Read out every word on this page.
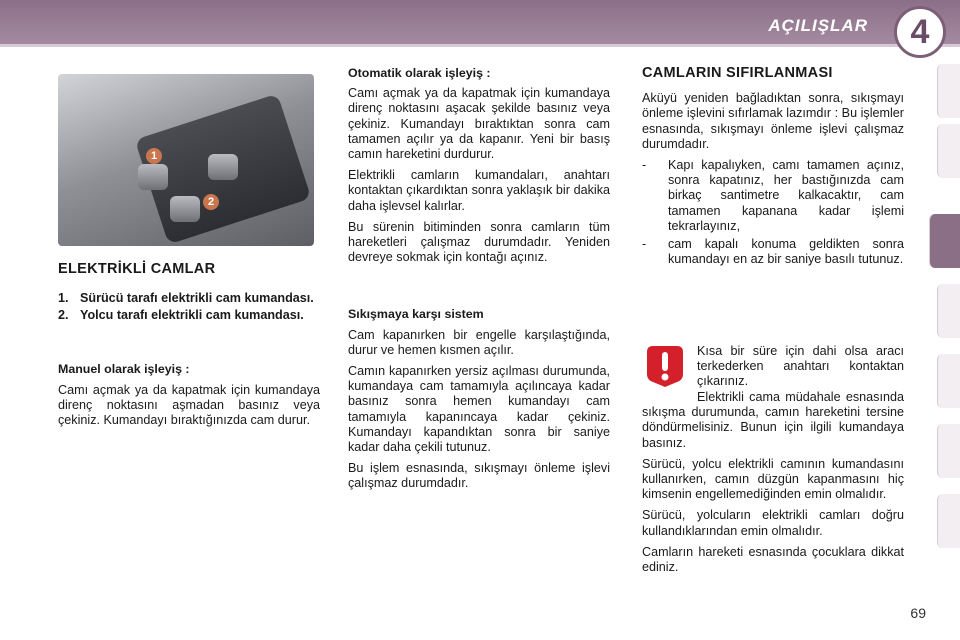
AÇILIŞLAR	4
1
2
ELEKTRİKLİ CAMLAR
1. Sürücü tarafı elektrikli cam kumandası.
2. Yolcu tarafı elektrikli cam kumandası.
Manuel olarak işleyiş :

Camı açmak ya da kapatmak için kumandaya direnç noktasını aşmadan basınız veya çekiniz. Kumandayı bıraktığınızda cam durur.

Otomatik olarak işleyiş :

Camı açmak ya da kapatmak için kumandaya direnç noktasını aşacak şekilde basınız veya çekiniz. Kumandayı bıraktıktan sonra cam tamamen açılır ya da kapanır. Yeni bir basış camın hareketini durdurur.

Elektrikli camların kumandaları, anahtarı kontaktan çıkardıktan sonra yaklaşık bir dakika daha işlevsel kalırlar.

Bu sürenin bitiminden sonra camların tüm hareketleri çalışmaz durumdadır. Yeniden devreye sokmak için kontağı açınız.

Sıkışmaya karşı sistem

Cam kapanırken bir engelle karşılaştığında, durur ve hemen kısmen açılır.

Camın kapanırken yersiz açılması durumunda, kumandaya cam tamamıyla açılıncaya kadar basınız sonra hemen kumandayı cam tamamıyla kapanıncaya kadar çekiniz. Kumandayı kapandıktan sonra bir saniye kadar daha çekili tutunuz.

Bu işlem esnasında, sıkışmayı önleme işlevi çalışmaz durumdadır.

CAMLARIN SIFIRLANMASI

Aküyü yeniden bağladıktan sonra, sıkışmayı önleme işlevini sıfırlamak lazımdır : Bu işlemler esnasında, sıkışmayı önleme işlevi çalışmaz durumdadır.

-	Kapı kapalıyken, camı tamamen açınız, sonra kapatınız, her bastığınızda cam birkaç santimetre kalkacaktır, cam tamamen kapanana kadar işlemi tekrarlayınız,
-	cam kapalı konuma geldikten sonra kumandayı en az bir saniye basılı tutunuz.

Kısa bir süre için dahi olsa aracı terkederken anahtarı kontaktan çıkarınız.

Elektrikli cama müdahale esnasında sıkışma durumunda, camın hareketini tersine döndürmelisiniz. Bunun için ilgili kumandaya basınız.

Sürücü, yolcu elektrikli camının kumandasını kullanırken, camın düzgün kapanmasını hiç kimsenin engellemediğinden emin olmalıdır.

Sürücü, yolcuların elektrikli camları doğru kullandıklarından emin olmalıdır.

Camların hareketi esnasında çocuklara dikkat ediniz.

69
